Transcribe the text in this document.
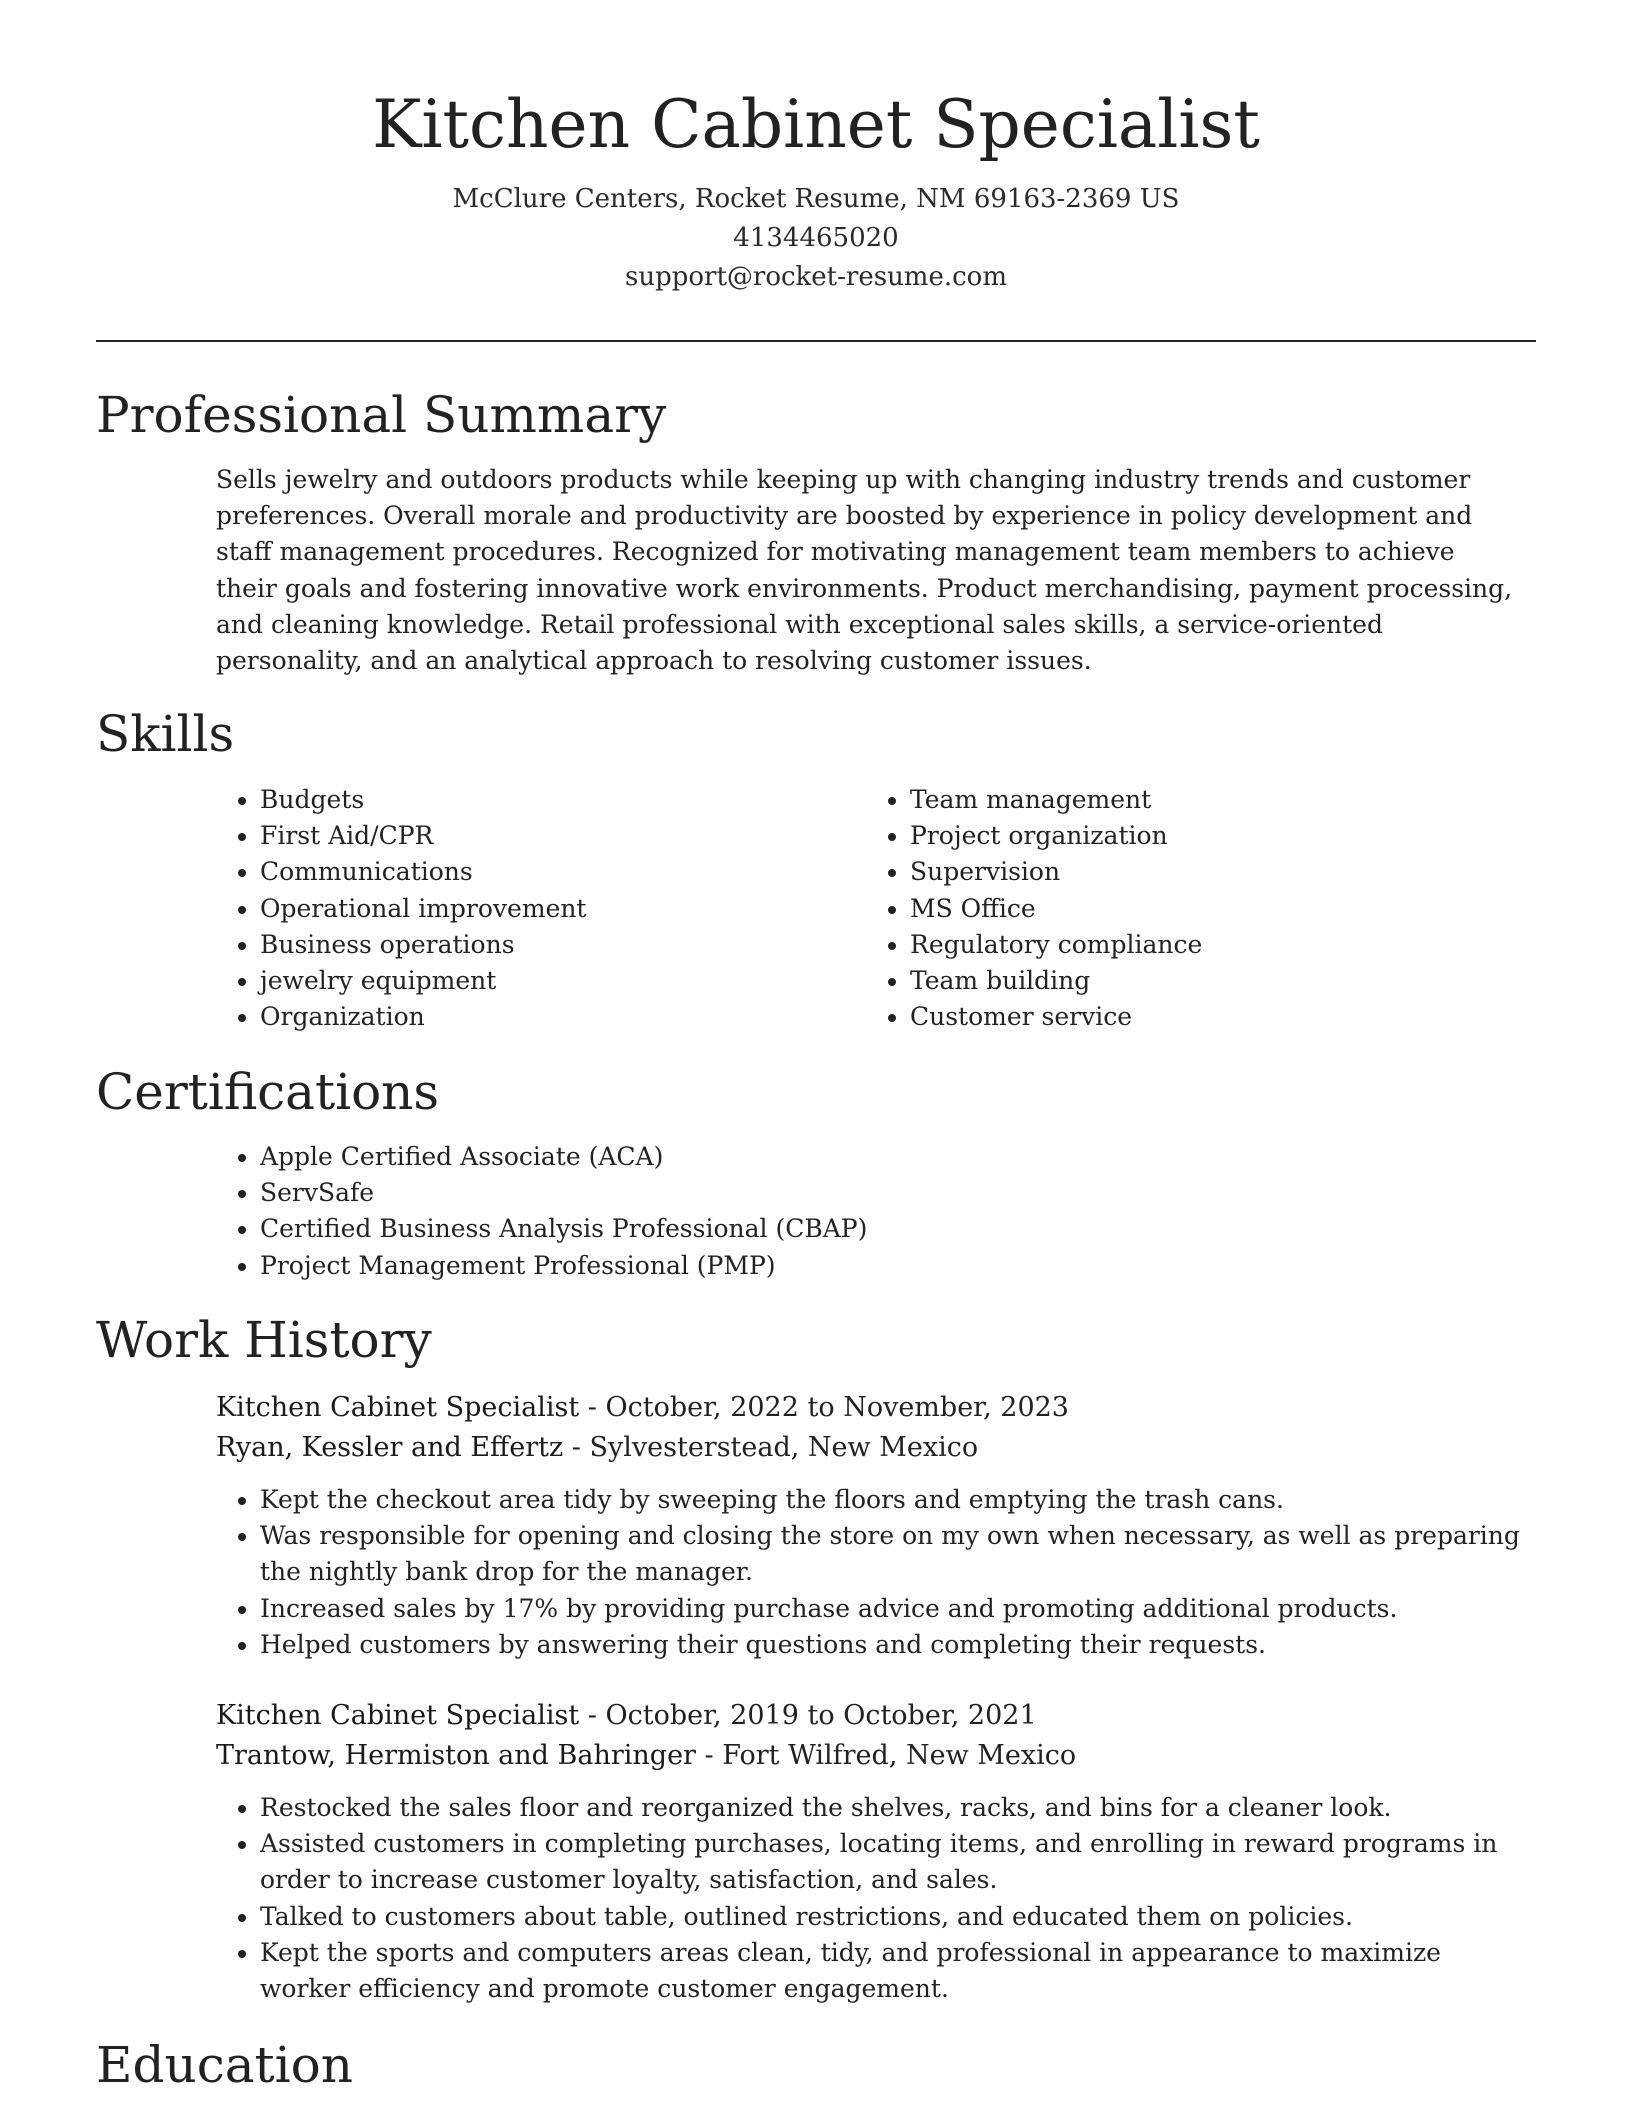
Kitchen Cabinet Specialist

McClure Centers, Rocket Resume, NM 69163-2369 US

4134465020

support@rocket-resume.com

Professional Summary

Sells jewelry and outdoors products while keeping up with changing industry trends and customer preferences. Overall morale and productivity are boosted by experience in policy development and staff management procedures. Recognized for motivating management team members to achieve their goals and fostering innovative work environments. Product merchandising, payment processing, and cleaning knowledge. Retail professional with exceptional sales skills, a service-oriented personality, and an analytical approach to resolving customer issues.

Skills
• Budgets
• First Aid/CPR
• Communications
• Operational improvement
• Business operations
• jewelry equipment
• Organization
• Team management
• Project organization
• Supervision
• MS Office
• Regulatory compliance
• Team building
• Customer service
Certifications
• Apple Certified Associate (ACA)
• ServSafe
• Certified Business Analysis Professional (CBAP)
• Project Management Professional (PMP)
Work History

Kitchen Cabinet Specialist - October, 2022 to November, 2023

Ryan, Kessler and Effertz - Sylvesterstead, New Mexico

• Kept the checkout area tidy by sweeping the floors and emptying the trash cans.
• Was responsible for opening and closing the store on my own when necessary, as well as preparing the nightly bank drop for the manager.
• Increased sales by 17% by providing purchase advice and promoting additional products.
• Helped customers by answering their questions and completing their requests.

Kitchen Cabinet Specialist - October, 2019 to October, 2021

Trantow, Hermiston and Bahringer - Fort Wilfred, New Mexico

• Restocked the sales floor and reorganized the shelves, racks, and bins for a cleaner look.
• Assisted customers in completing purchases, locating items, and enrolling in reward programs in order to increase customer loyalty, satisfaction, and sales.
• Talked to customers about table, outlined restrictions, and educated them on policies.
• Kept the sports and computers areas clean, tidy, and professional in appearance to maximize worker efficiency and promote customer engagement.
Education
